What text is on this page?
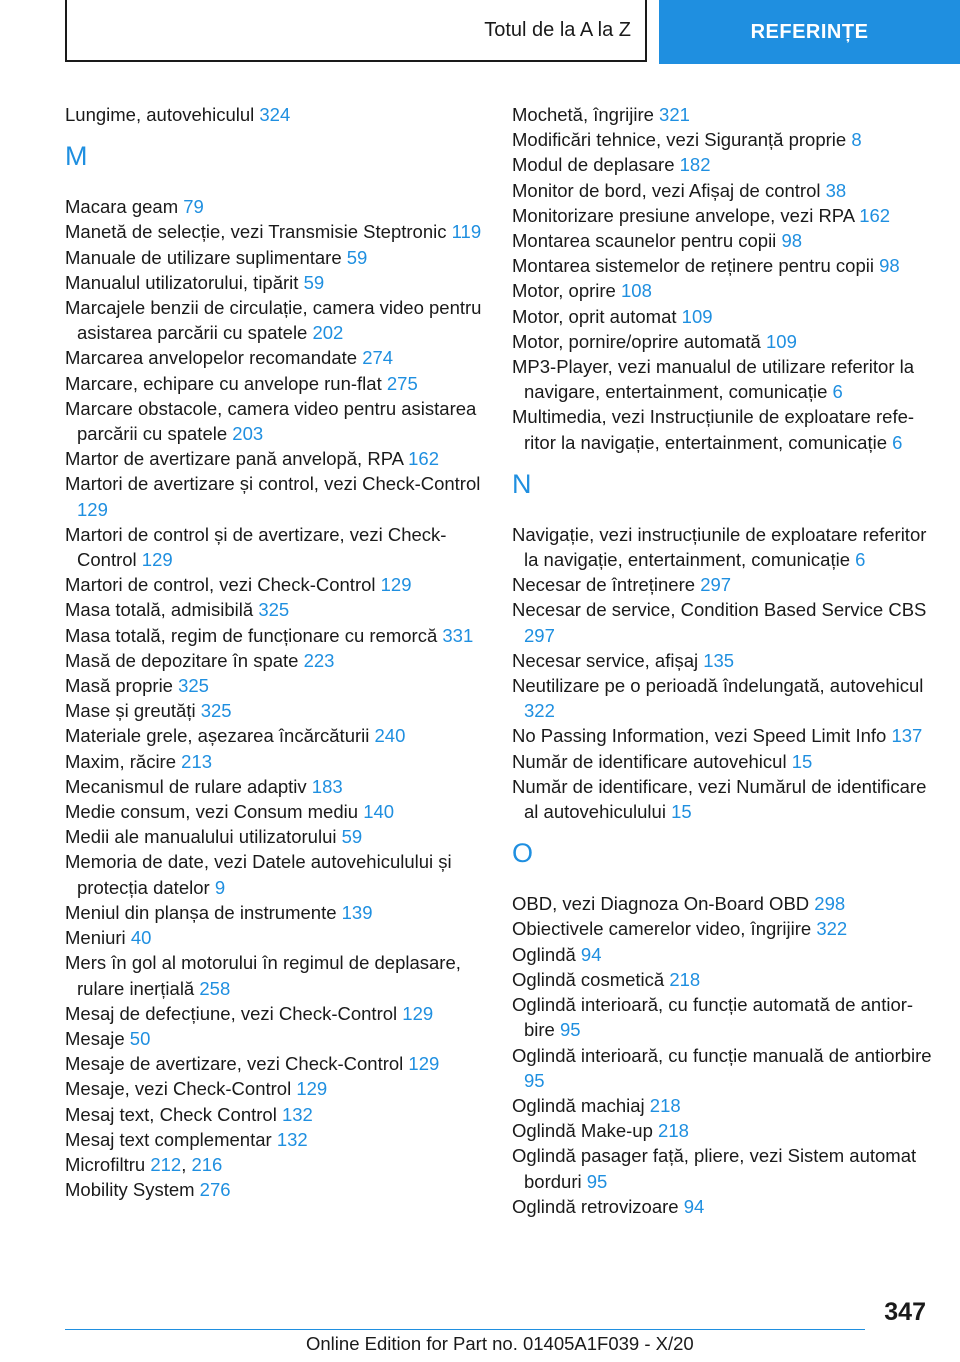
Totul de la A la Z	REFERINȚE
Lungime, autovehiculul 324
M
Macara geam 79
Manetă de selecție, vezi Transmisie Steptronic 119
Manuale de utilizare suplimentare 59
Manualul utilizatorului, tipărit 59
Marcajele benzii de circulație, camera video pentru asistarea parcării cu spatele 202
Marcarea anvelopelor recomandate 274
Marcare, echipare cu anvelope run-flat 275
Marcare obstacole, camera video pentru asistarea parcării cu spatele 203
Martor de avertizare pană anvelopă, RPA 162
Martori de avertizare și control, vezi Check-Control 129
Martori de control și de avertizare, vezi Check-Control 129
Martori de control, vezi Check-Control 129
Masa totală, admisibilă 325
Masa totală, regim de funcționare cu remorcă 331
Masă de depozitare în spate 223
Masă proprie 325
Mase și greutăți 325
Materiale grele, așezarea încărcăturii 240
Maxim, răcire 213
Mecanismul de rulare adaptiv 183
Medie consum, vezi Consum mediu 140
Medii ale manualului utilizatorului 59
Memoria de date, vezi Datele autovehiculului și protecția datelor 9
Meniul din planșa de instrumente 139
Meniuri 40
Mers în gol al motorului în regimul de deplasare, rulare inerțială 258
Mesaj de defecțiune, vezi Check-Control 129
Mesaje 50
Mesaje de avertizare, vezi Check-Control 129
Mesaje, vezi Check-Control 129
Mesaj text, Check Control 132
Mesaj text complementar 132
Microfiltru 212, 216
Mobility System 276
Mochetă, îngrijire 321
Modificări tehnice, vezi Siguranță proprie 8
Modul de deplasare 182
Monitor de bord, vezi Afișaj de control 38
Monitorizare presiune anvelope, vezi RPA 162
Montarea scaunelor pentru copii 98
Montarea sistemelor de reținere pentru copii 98
Motor, oprire 108
Motor, oprit automat 109
Motor, pornire/oprire automată 109
MP3-Player, vezi manualul de utilizare referitor la navigare, entertainment, comunicație 6
Multimedia, vezi Instrucțiunile de exploatare referitor la navigație, entertainment, comunicație 6
N
Navigație, vezi instrucțiunile de exploatare referitor la navigație, entertainment, comunicație 6
Necesar de întreținere 297
Necesar de service, Condition Based Service CBS 297
Necesar service, afișaj 135
Neutilizare pe o perioadă îndelungată, autovehicul 322
No Passing Information, vezi Speed Limit Info 137
Număr de identificare autovehicul 15
Număr de identificare, vezi Numărul de identificare al autovehiculului 15
O
OBD, vezi Diagnoza On-Board OBD 298
Obiectivele camerelor video, îngrijire 322
Oglindă 94
Oglindă cosmetică 218
Oglindă interioară, cu funcție automată de antiorbire 95
Oglindă interioară, cu funcție manuală de antiorbire 95
Oglindă machiaj 218
Oglindă Make-up 218
Oglindă pasager față, pliere, vezi Sistem automat borduri 95
Oglindă retrovizoare 94
347
Online Edition for Part no. 01405A1F039 - X/20
